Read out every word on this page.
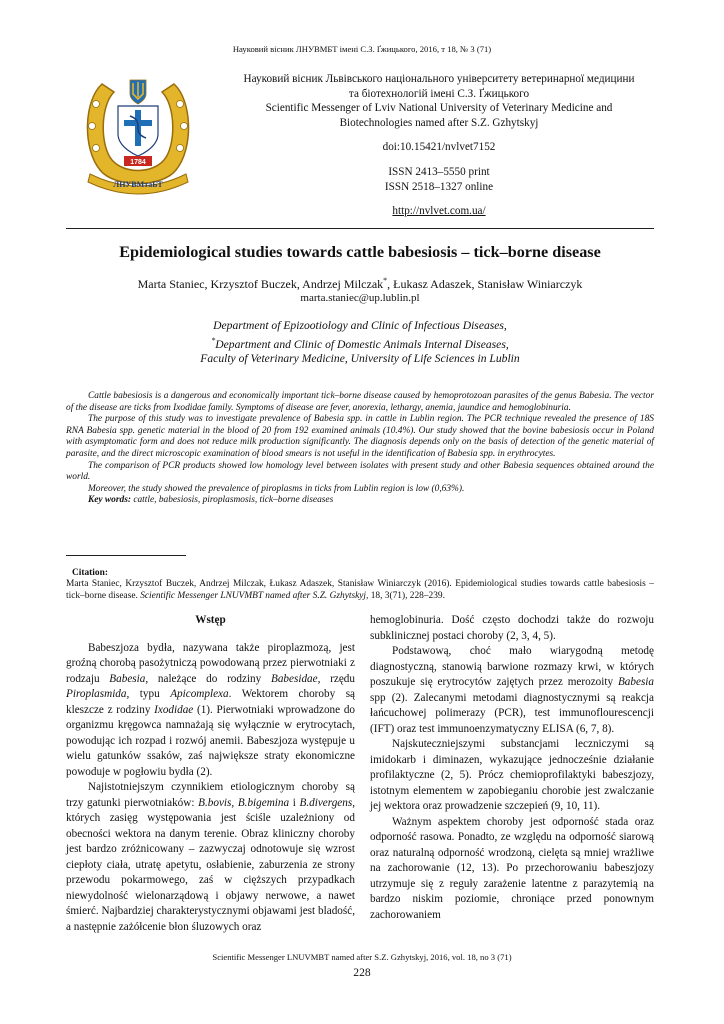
Науковий вісник ЛНУВМБТ імені С.З. Ґжицького, 2016, т 18, № 3 (71)
1784
ЛНУВМтаБТ
Науковий вісник Львівського національного університету ветеринарної медицини
та біотехнологій імені С.З. Ґжицького
Scientific Messenger of Lviv National University of Veterinary Medicine and
Biotechnologies named after S.Z. Gzhytskyj
doi:10.15421/nvlvet7152
ISSN 2413–5550 print
ISSN 2518–1327 online
http://nvlvet.com.ua/
Epidemiological studies towards cattle babesiosis – tick–borne disease
Marta Staniec, Krzysztof Buczek, Andrzej Milczak*, Łukasz Adaszek, Stanisław Winiarczyk
marta.staniec@up.lublin.pl
Department of Epizootiology and Clinic of Infectious Diseases,
*Department and Clinic of Domestic Animals Internal Diseases,
Faculty of Veterinary Medicine, University of Life Sciences in Lublin

Cattle babesiosis is a dangerous and economically important tick–borne disease caused by hemoprotozoan parasites of the genus Babesia. The vector of the disease are ticks from Ixodidae family. Symptoms of disease are fever, anorexia, lethargy, anemia, jaundice and hemoglobinuria.

The purpose of this study was to investigate prevalence of Babesia spp. in cattle in Lublin region. The PCR technique revealed the presence of 18S RNA Babesia spp. genetic material in the blood of 20 from 192 examined animals (10.4%). Our study showed that the bovine babesiosis occur in Poland with asymptomatic form and does not reduce milk production significantly. The diagnosis depends only on the basis of detection of the genetic material of parasite, and the direct microscopic examination of blood smears is not useful in the identification of Babesia spp. in erythrocytes.

The comparison of PCR products showed low homology level between isolates with present study and other Babesia sequences obtained around the world.

Moreover, the study showed the prevalence of piroplasms in ticks from Lublin region is low (0,63%).

Key words: cattle, babesiosis, piroplasmosis, tick–borne diseases

Citation:
Marta Staniec, Krzysztof Buczek, Andrzej Milczak, Łukasz Adaszek, Stanisław Winiarczyk (2016). Epidemiological studies towards cattle babesiosis – tick–borne disease. Scientific Messenger LNUVMBT named after S.Z. Gzhytskyj, 18, 3(71), 228–239.
Wstęp

Babeszjoza bydła, nazywana także piroplazmozą, jest groźną chorobą pasożytniczą powodowaną przez pierwotniaki z rodzaju Babesia, należące do rodziny Babesidae, rzędu Piroplasmida, typu Apicomplexa. Wektorem choroby są kleszcze z rodziny Ixodidae (1). Pierwotniaki wprowadzone do organizmu kręgowca namnażają się wyłącznie w erytrocytach, powodując ich rozpad i rozwój anemii. Babeszjoza występuje u wielu gatunków ssaków, zaś największe straty ekonomiczne powoduje w pogłowiu bydła (2).

Najistotniejszym czynnikiem etiologicznym choroby są trzy gatunki pierwotniaków: B.bovis, B.bigemina i B.divergens, których zasięg występowania jest ściśle uzależniony od obecności wektora na danym terenie. Obraz kliniczny choroby jest bardzo zróżnicowany – zazwyczaj odnotowuje się wzrost ciepłoty ciała, utratę apetytu, osłabienie, zaburzenia ze strony przewodu pokarmowego, zaś w cięższych przypadkach niewydolność wielonarządową i objawy nerwowe, a nawet śmierć. Najbardziej charakterystycznymi objawami jest bladość, a następnie zażółcenie błon śluzowych oraz

hemoglobinuria. Dość często dochodzi także do rozwoju subklinicznej postaci choroby (2, 3, 4, 5).

Podstawową, choć mało wiarygodną metodę diagnostyczną, stanowią barwione rozmazy krwi, w których poszukuje się erytrocytów zajętych przez merozoity Babesia spp (2). Zalecanymi metodami diagnostycznymi są reakcja łańcuchowej polimerazy (PCR), test immunoflourescencji (IFT) oraz test immunoenzymatyczny ELISA (6, 7, 8).

Najskuteczniejszymi substancjami leczniczymi są imidokarb i diminazen, wykazujące jednocześnie działanie profilaktyczne (2, 5). Prócz chemioprofilaktyki babeszjozy, istotnym elementem w zapobieganiu chorobie jest zwalczanie jej wektora oraz prowadzenie szczepień (9, 10, 11).

Ważnym aspektem choroby jest odporność stada oraz odporność rasowa. Ponadto, ze względu na odporność siarową oraz naturalną odporność wrodzoną, cielęta są mniej wrażliwe na zachorowanie (12, 13). Po przechorowaniu babeszjozy utrzymuje się z reguły zarażenie latentne z parazytemią na bardzo niskim poziomie, chroniące przed ponownym zachorowaniem

Scientific Messenger LNUVMBT named after S.Z. Gzhytskyj, 2016, vol. 18, no 3 (71)
228
